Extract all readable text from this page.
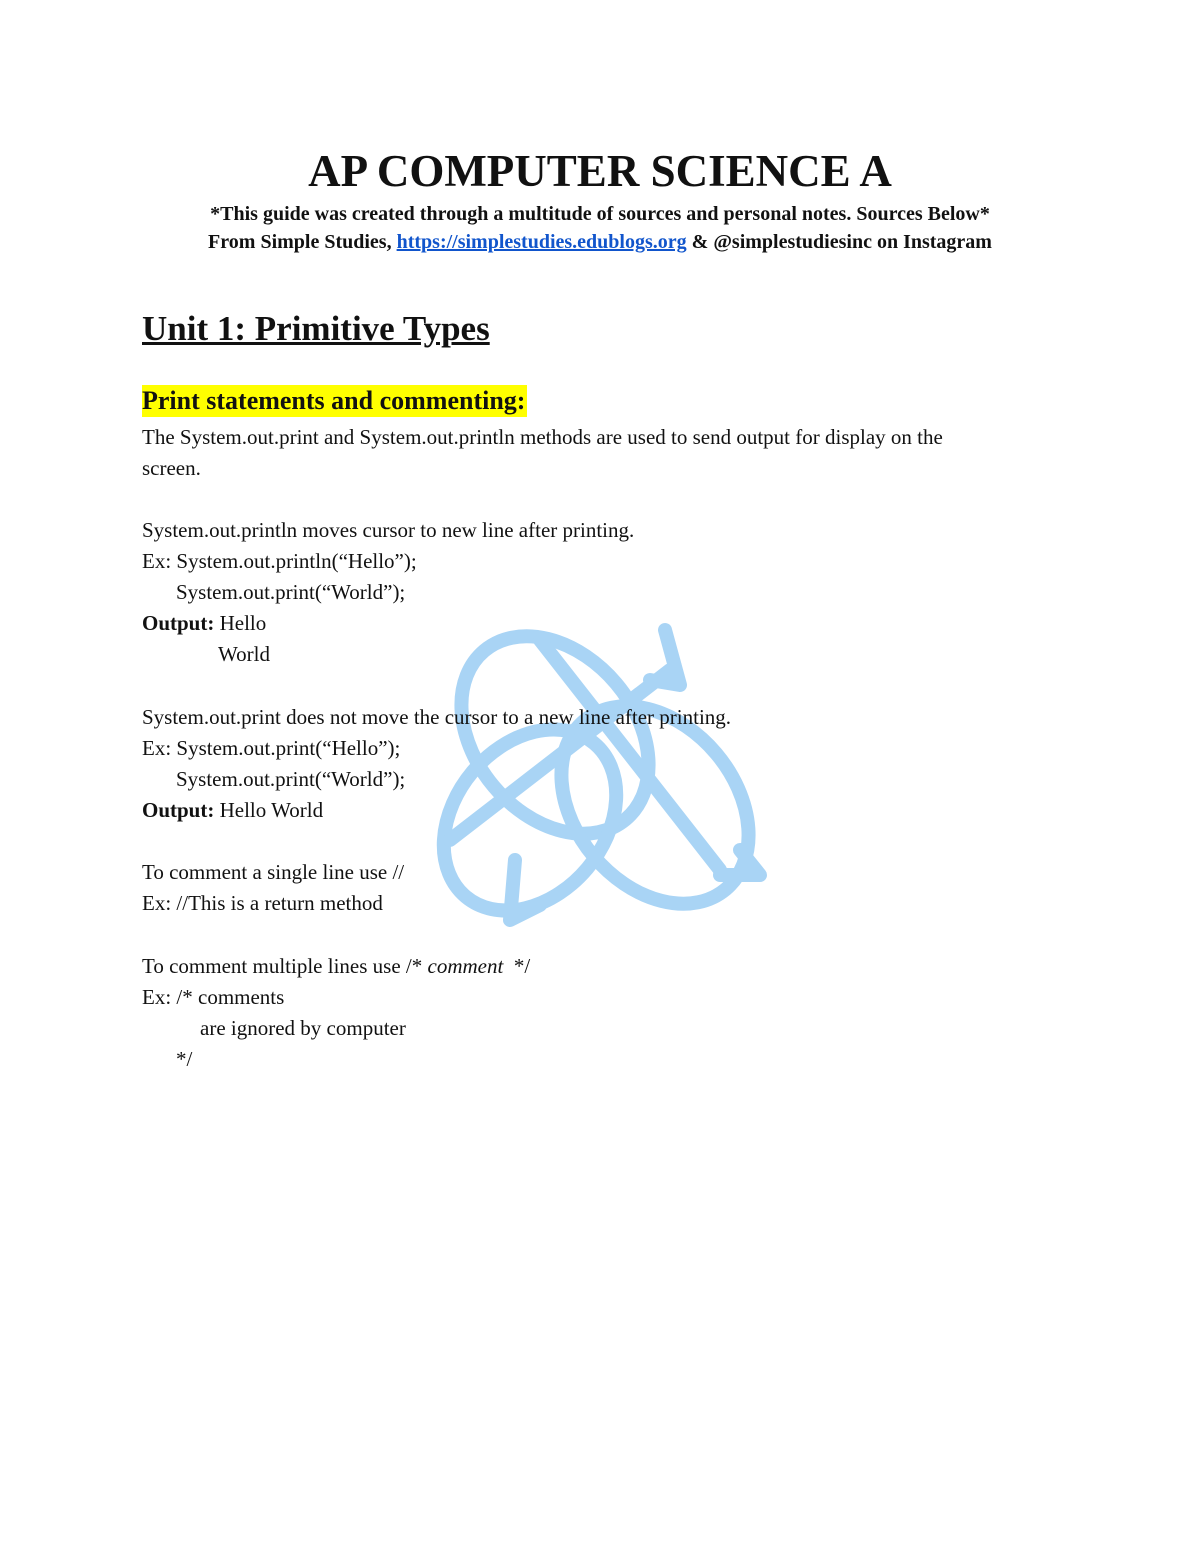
AP COMPUTER SCIENCE A
*This guide was created through a multitude of sources and personal notes. Sources Below*
From Simple Studies, https://simplestudies.edublogs.org & @simplestudiesinc on Instagram
Unit 1: Primitive Types
Print statements and commenting:
The System.out.print and System.out.println methods are used to send output for display on the
screen.
System.out.println moves cursor to new line after printing.
Ex: System.out.println(“Hello”);
System.out.print(“World”);
Output: Hello
World
System.out.print does not move the cursor to a new line after printing.
Ex: System.out.print(“Hello”);
System.out.print(“World”);
Output: Hello World
To comment a single line use //
Ex: //This is a return method
To comment multiple lines use /* comment  */
Ex: /* comments
are ignored by computer
*/
